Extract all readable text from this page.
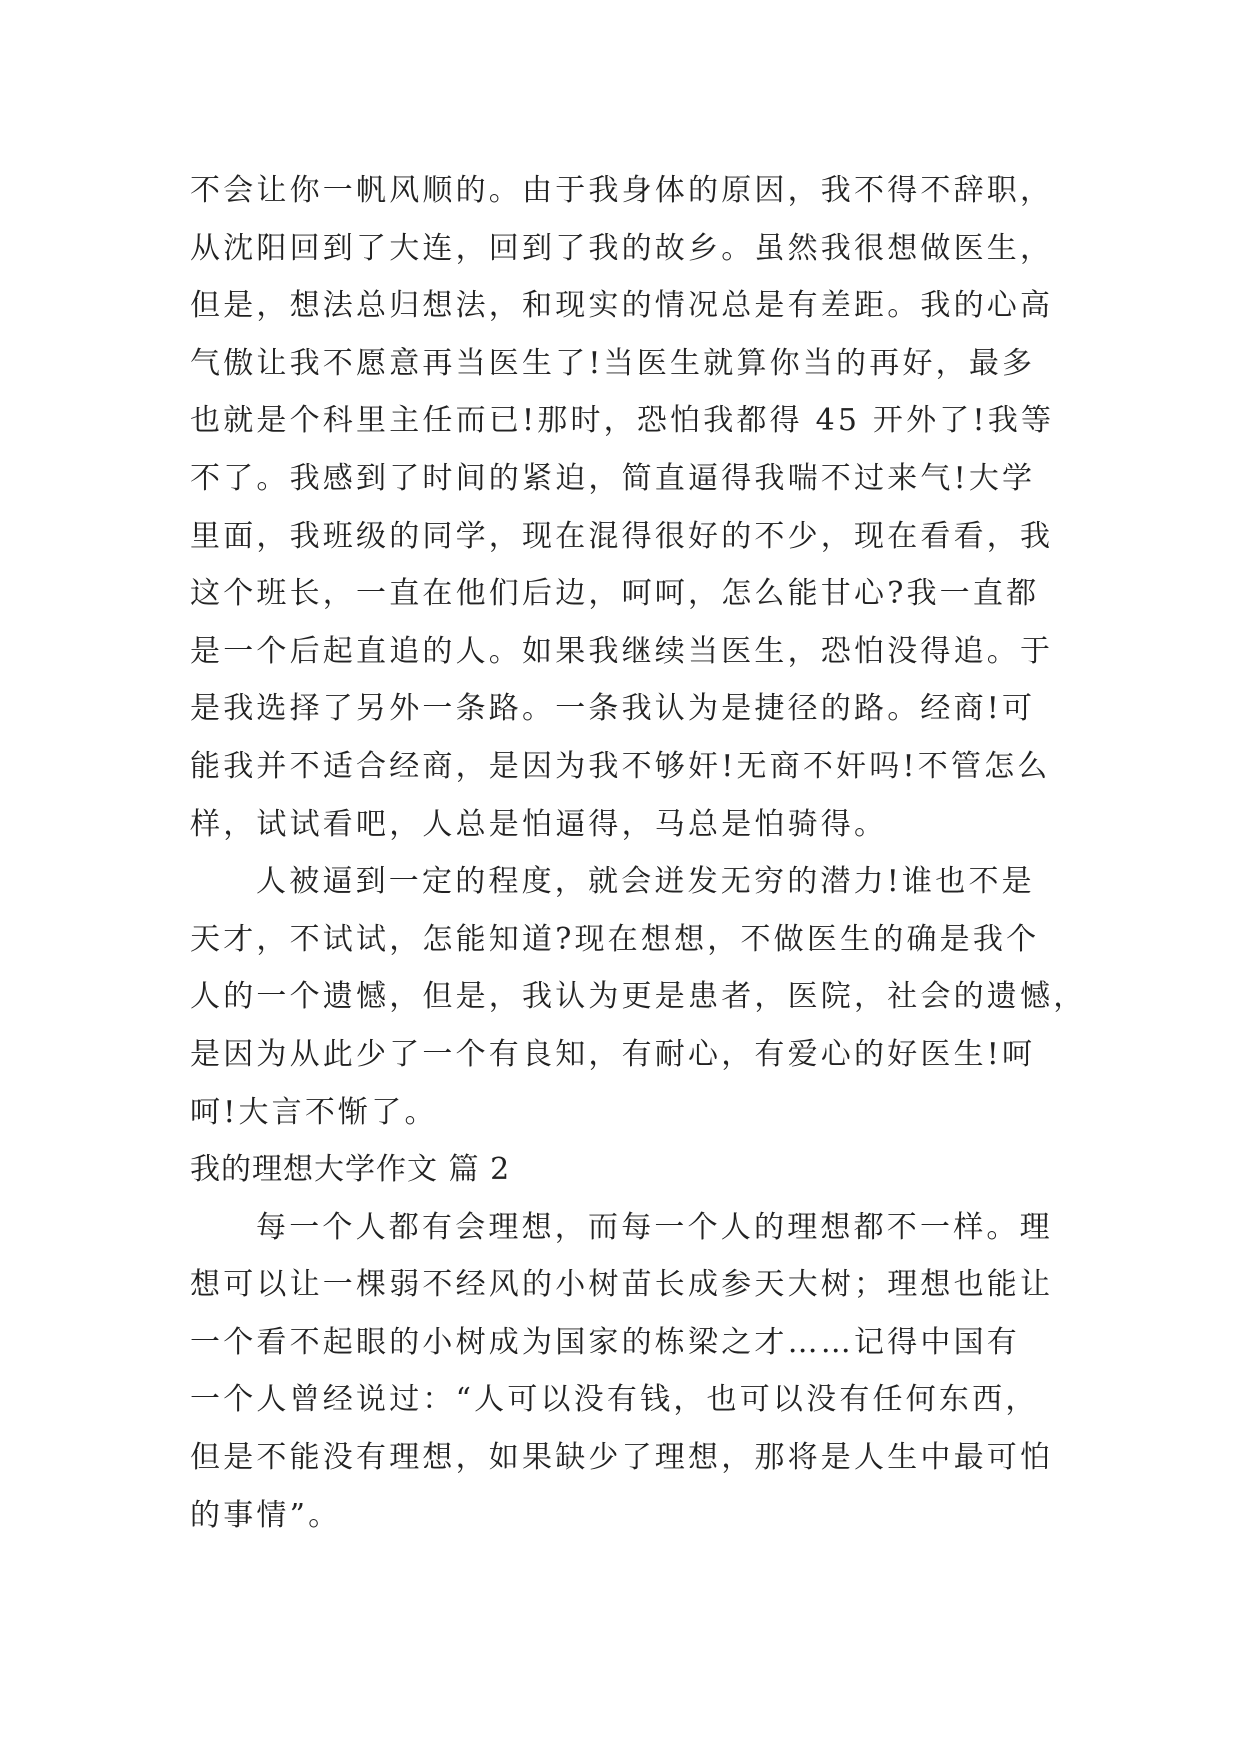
不会让你一帆风顺的。由于我身体的原因，我不得不辞职，
从沈阳回到了大连，回到了我的故乡。虽然我很想做医生，
但是，想法总归想法，和现实的情况总是有差距。我的心高
气傲让我不愿意再当医生了!当医生就算你当的再好，最多
也就是个科里主任而已!那时，恐怕我都得 45 开外了!我等
不了。我感到了时间的紧迫，简直逼得我喘不过来气!大学
里面，我班级的同学，现在混得很好的不少，现在看看，我
这个班长，一直在他们后边，呵呵，怎么能甘心?我一直都
是一个后起直追的人。如果我继续当医生，恐怕没得追。于
是我选择了另外一条路。一条我认为是捷径的路。经商!可
能我并不适合经商，是因为我不够奸!无商不奸吗!不管怎么
样，试试看吧，人总是怕逼得，马总是怕骑得。
人被逼到一定的程度，就会迸发无穷的潜力!谁也不是
天才，不试试，怎能知道?现在想想，不做医生的确是我个
人的一个遗憾，但是，我认为更是患者，医院，社会的遗憾，
是因为从此少了一个有良知，有耐心，有爱心的好医生!呵
呵!大言不惭了。
我的理想大学作文 篇 2
每一个人都有会理想，而每一个人的理想都不一样。理
想可以让一棵弱不经风的小树苗长成参天大树；理想也能让
一个看不起眼的小树成为国家的栋梁之才……记得中国有
一个人曾经说过：“人可以没有钱，也可以没有任何东西，
但是不能没有理想，如果缺少了理想，那将是人生中最可怕
的事情”。
